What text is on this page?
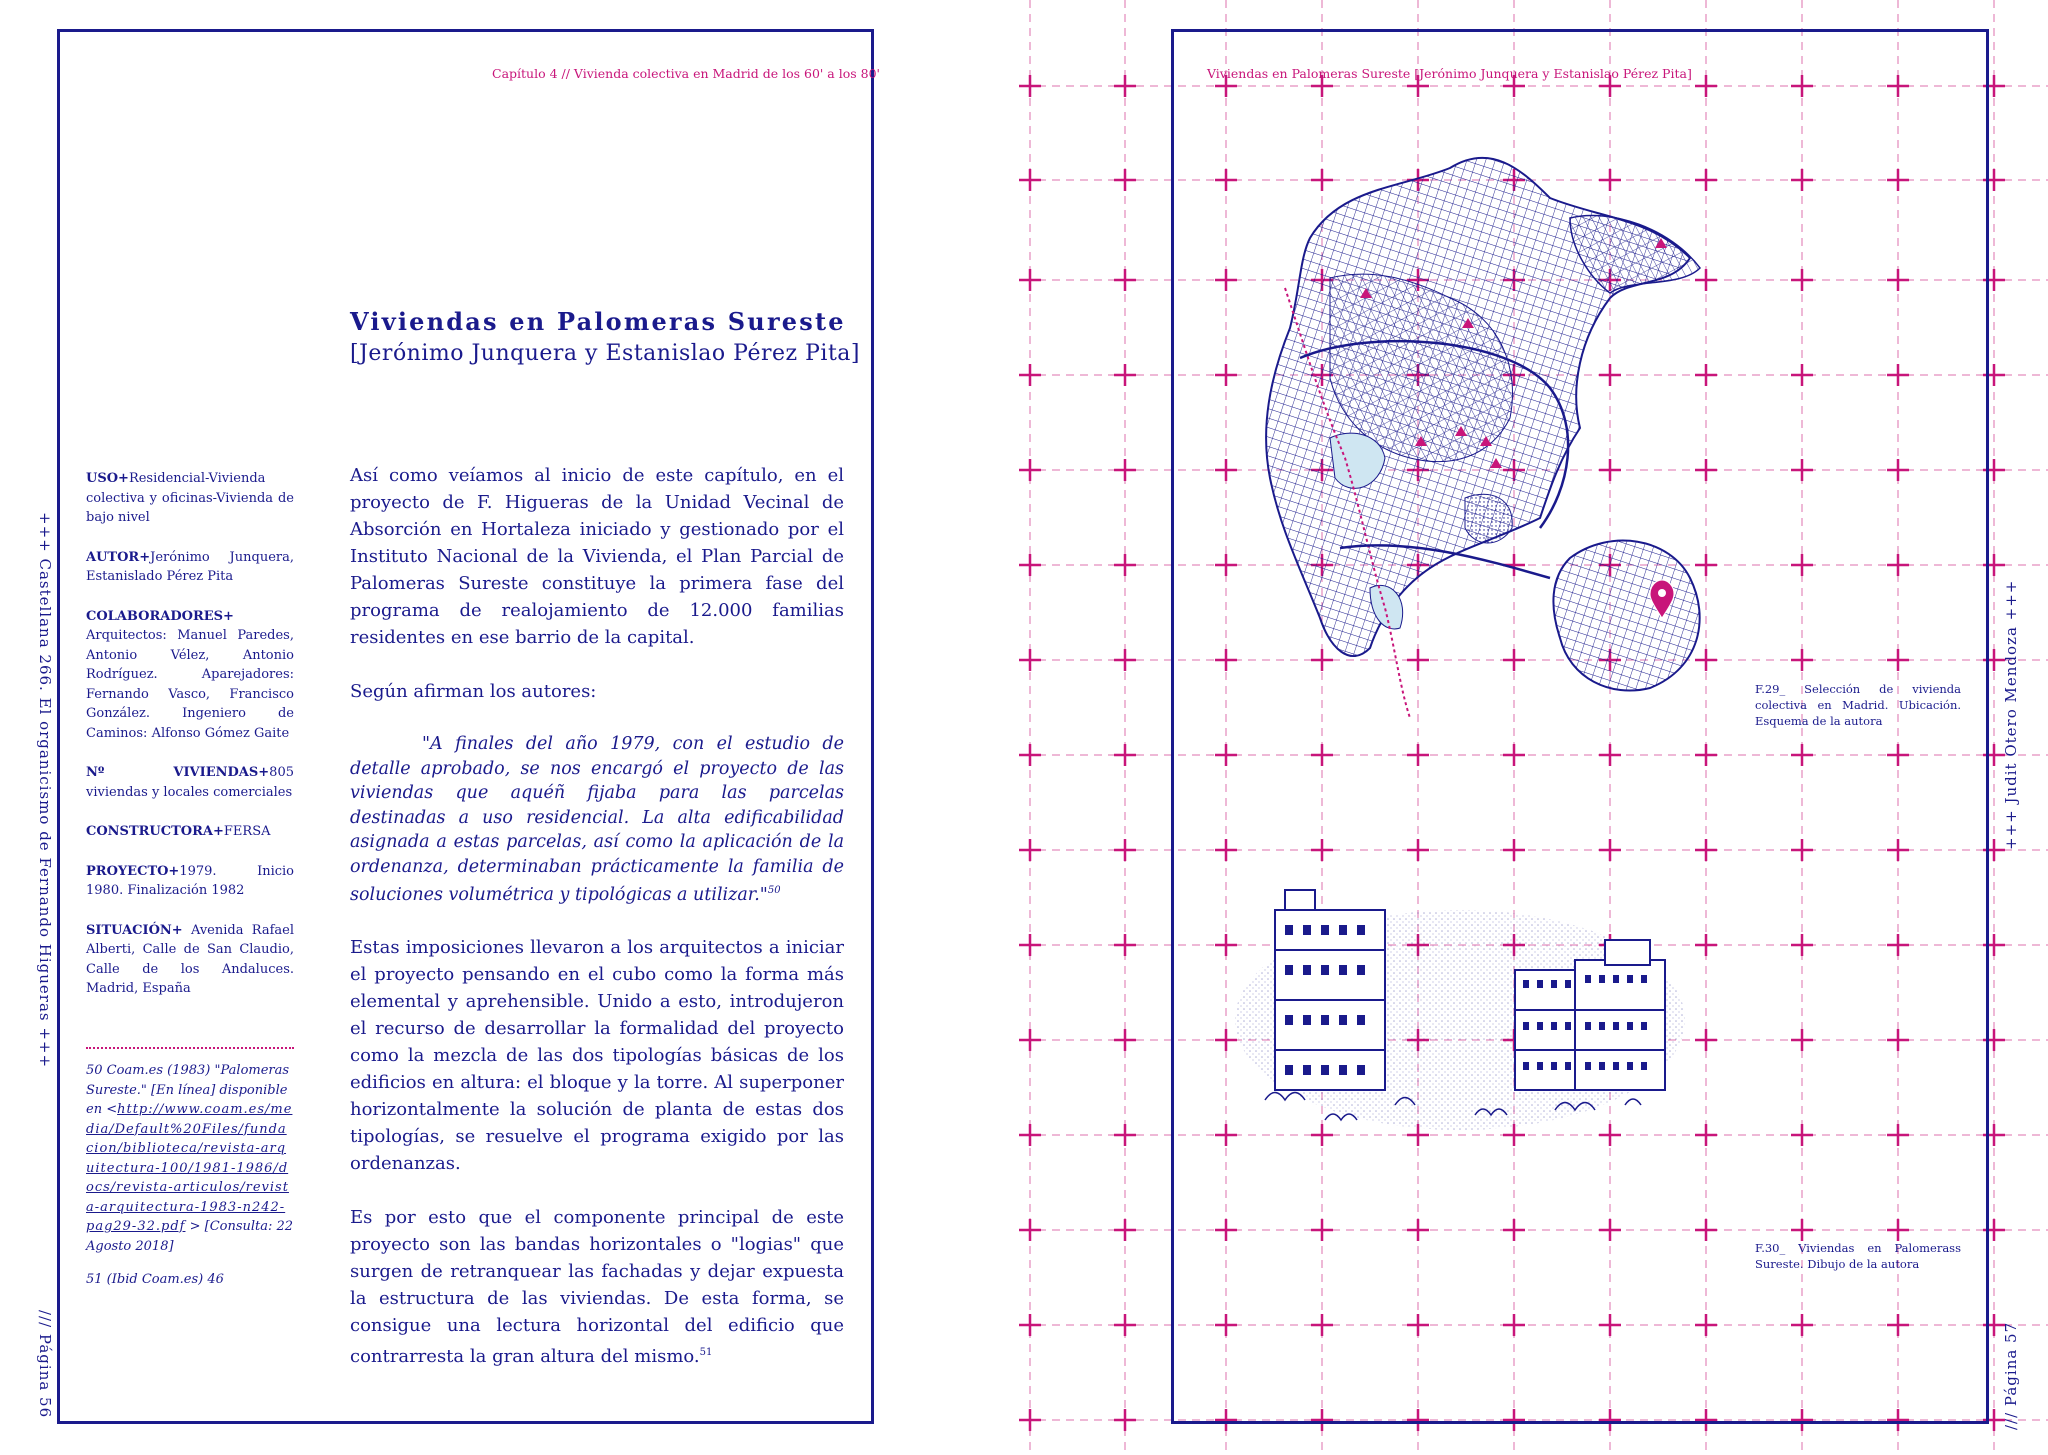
+++ Castellana 266. El organicismo de Fernando Higueras +++
/// Página 56
Capítulo 4 // Vivienda colectiva en Madrid de los 60' a los 80'
Viviendas en Palomeras Sureste
[Jerónimo Junquera y Estanislao Pérez Pita]
USO+Residencial-Vivienda colectiva y oficinas-Vivienda de bajo nivel
AUTOR+Jerónimo Junquera, Estanislado Pérez Pita
COLABORADORES+ Arquitectos: Manuel Paredes, Antonio Vélez, Antonio Rodríguez. Aparejadores: Fernando Vasco, Francisco González. Ingeniero de Caminos: Alfonso Gómez Gaite
Nº VIVIENDAS+805 viviendas y locales comerciales
CONSTRUCTORA+FERSA
PROYECTO+1979. Inicio 1980. Finalización 1982
SITUACIÓN+ Avenida Rafael Alberti, Calle de San Claudio, Calle de los Andaluces. Madrid, España
50 Coam.es (1983) "Palomeras Sureste." [En línea] disponible en <http://www.coam.es/media/Default%20Files/fundacion/biblioteca/revista-arquitectura-100/1981-1986/docs/revista-articulos/revista-arquitectura-1983-n242-pag29-32.pdf > [Consulta: 22 Agosto 2018]
51 (Ibid Coam.es) 46

Así como veíamos al inicio de este capítulo, en el proyecto de F. Higueras de la Unidad Vecinal de Absorción en Hortaleza iniciado y gestionado por el Instituto Nacional de la Vivienda, el Plan Parcial de Palomeras Sureste constituye la primera fase del programa de realojamiento de 12.000 familias residentes en ese barrio de la capital.

Según afirman los autores:

"A finales del año 1979, con el estudio de detalle aprobado, se nos encargó el proyecto de las viviendas que aquéñ fijaba para las parcelas destinadas a uso residencial. La alta edificabilidad asignada a estas parcelas, así como la aplicación de la ordenanza, determinaban prácticamente la familia de soluciones volumétrica y tipológicas a utilizar."$^{50}$

Estas imposiciones llevaron a los arquitectos a iniciar el proyecto pensando en el cubo como la forma más elemental y aprehensible. Unido a esto, introdujeron el recurso de desarrollar la formalidad del proyecto como la mezcla de las dos tipologías básicas de los edificios en altura: el bloque y la torre. Al superponer horizontalmente la solución de planta de estas dos tipologías, se resuelve el programa exigido por las ordenanzas.

Es por esto que el componente principal de este proyecto son las bandas horizontales o "logias" que surgen de retranquear las fachadas y dejar expuesta la estructura de las viviendas. De esta forma, se consigue una lectura horizontal del edificio que contrarresta la gran altura del mismo.$^{51}$

Viviendas en Palomeras Sureste [Jerónimo Junquera y Estanislao Pérez Pita]
F.29_ Selección de vivienda colectiva en Madrid. Ubicación. Esquema de la autora
F.30_ Viviendas en Palomerass Sureste. Dibujo de la autora
+++ Judit Otero Mendoza +++
/// Página 57
